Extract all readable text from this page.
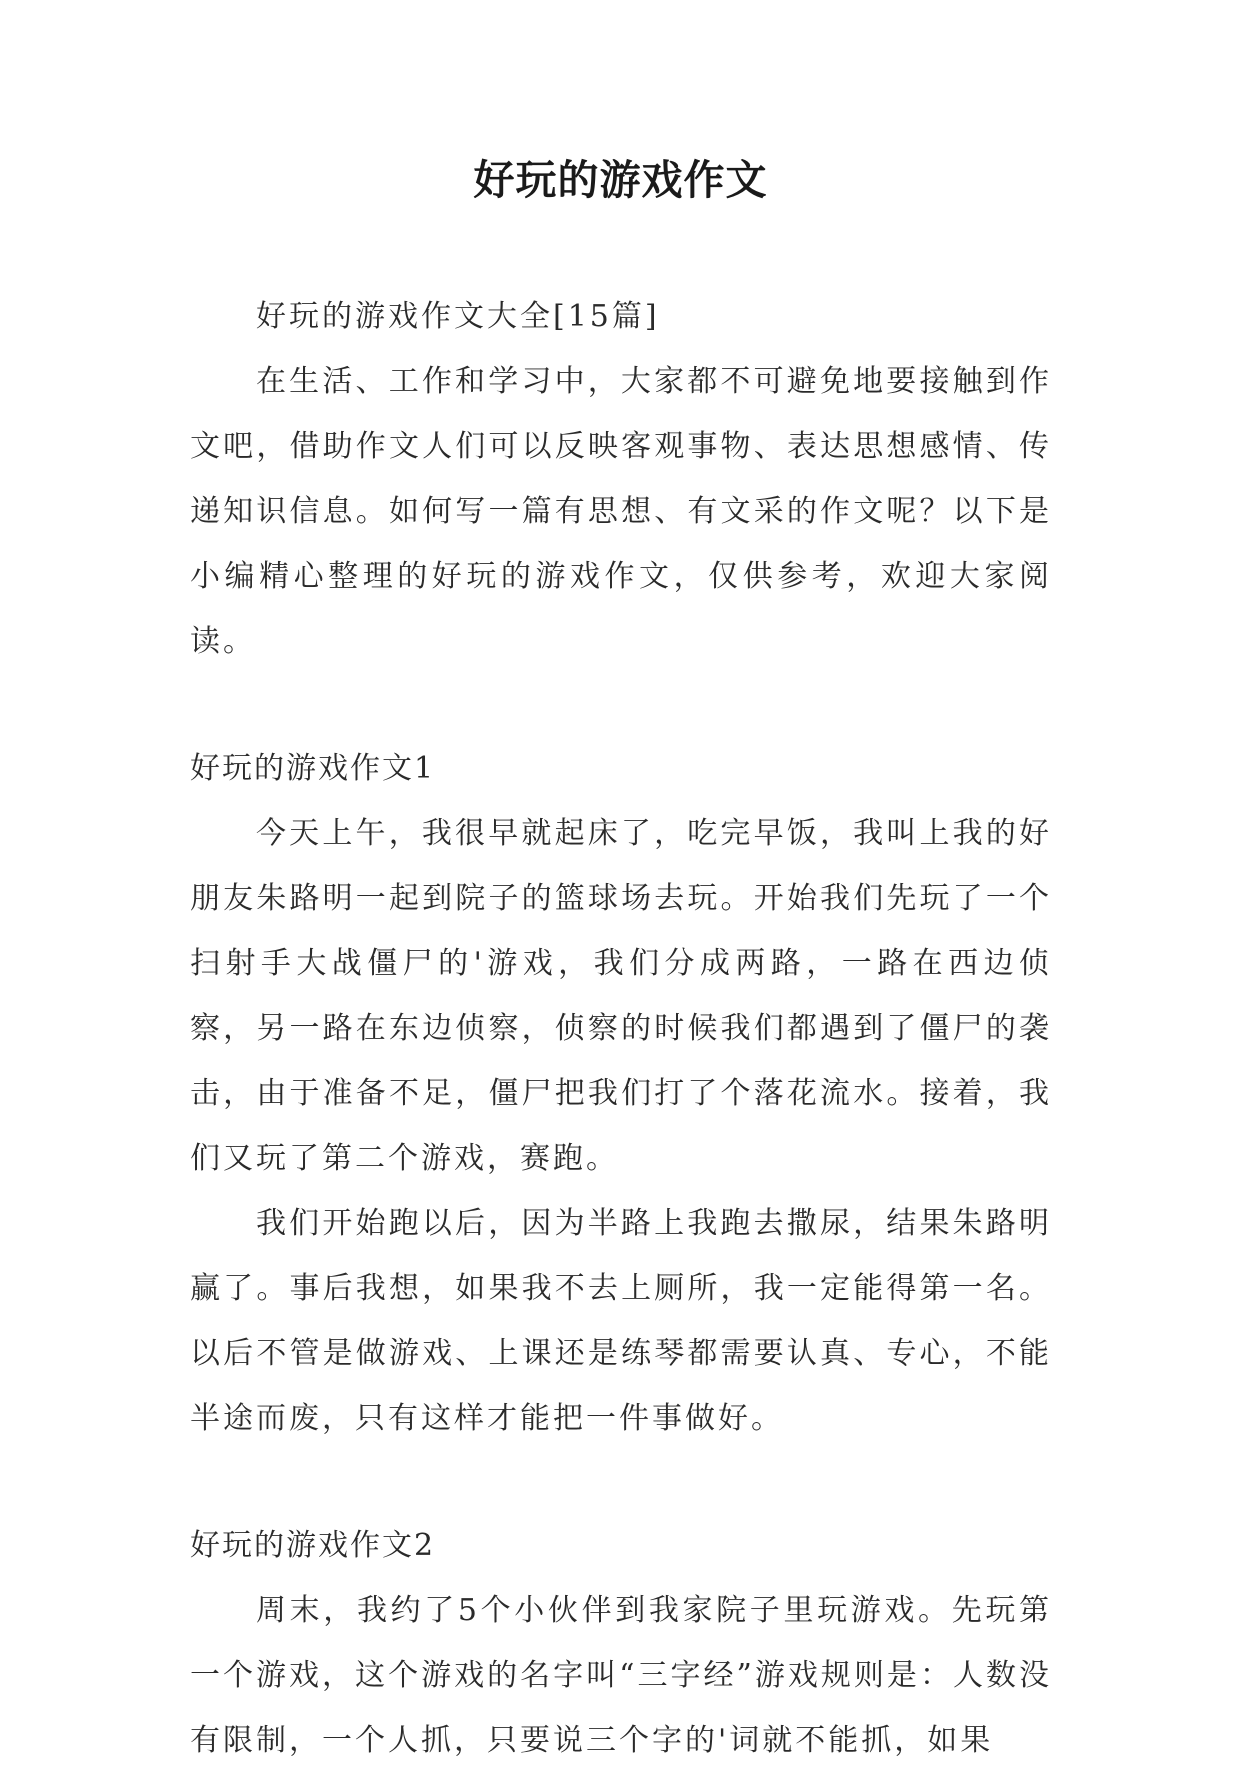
好玩的游戏作文

好玩的游戏作文大全[15篇]

在生活、工作和学习中，大家都不可避免地要接触到作文吧，借助作文人们可以反映客观事物、表达思想感情、传递知识信息。如何写一篇有思想、有文采的作文呢？以下是小编精心整理的好玩的游戏作文，仅供参考，欢迎大家阅读。

好玩的游戏作文1

今天上午，我很早就起床了，吃完早饭，我叫上我的好朋友朱路明一起到院子的篮球场去玩。开始我们先玩了一个扫射手大战僵尸的'游戏，我们分成两路，一路在西边侦察，另一路在东边侦察，侦察的时候我们都遇到了僵尸的袭击，由于准备不足，僵尸把我们打了个落花流水。接着，我们又玩了第二个游戏，赛跑。

我们开始跑以后，因为半路上我跑去撒尿，结果朱路明赢了。事后我想，如果我不去上厕所，我一定能得第一名。以后不管是做游戏、上课还是练琴都需要认真、专心，不能半途而废，只有这样才能把一件事做好。

好玩的游戏作文2

周末，我约了5个小伙伴到我家院子里玩游戏。先玩第一个游戏，这个游戏的名字叫“三字经”游戏规则是：人数没有限制，一个人抓，只要说三个字的'词就不能抓，如果
